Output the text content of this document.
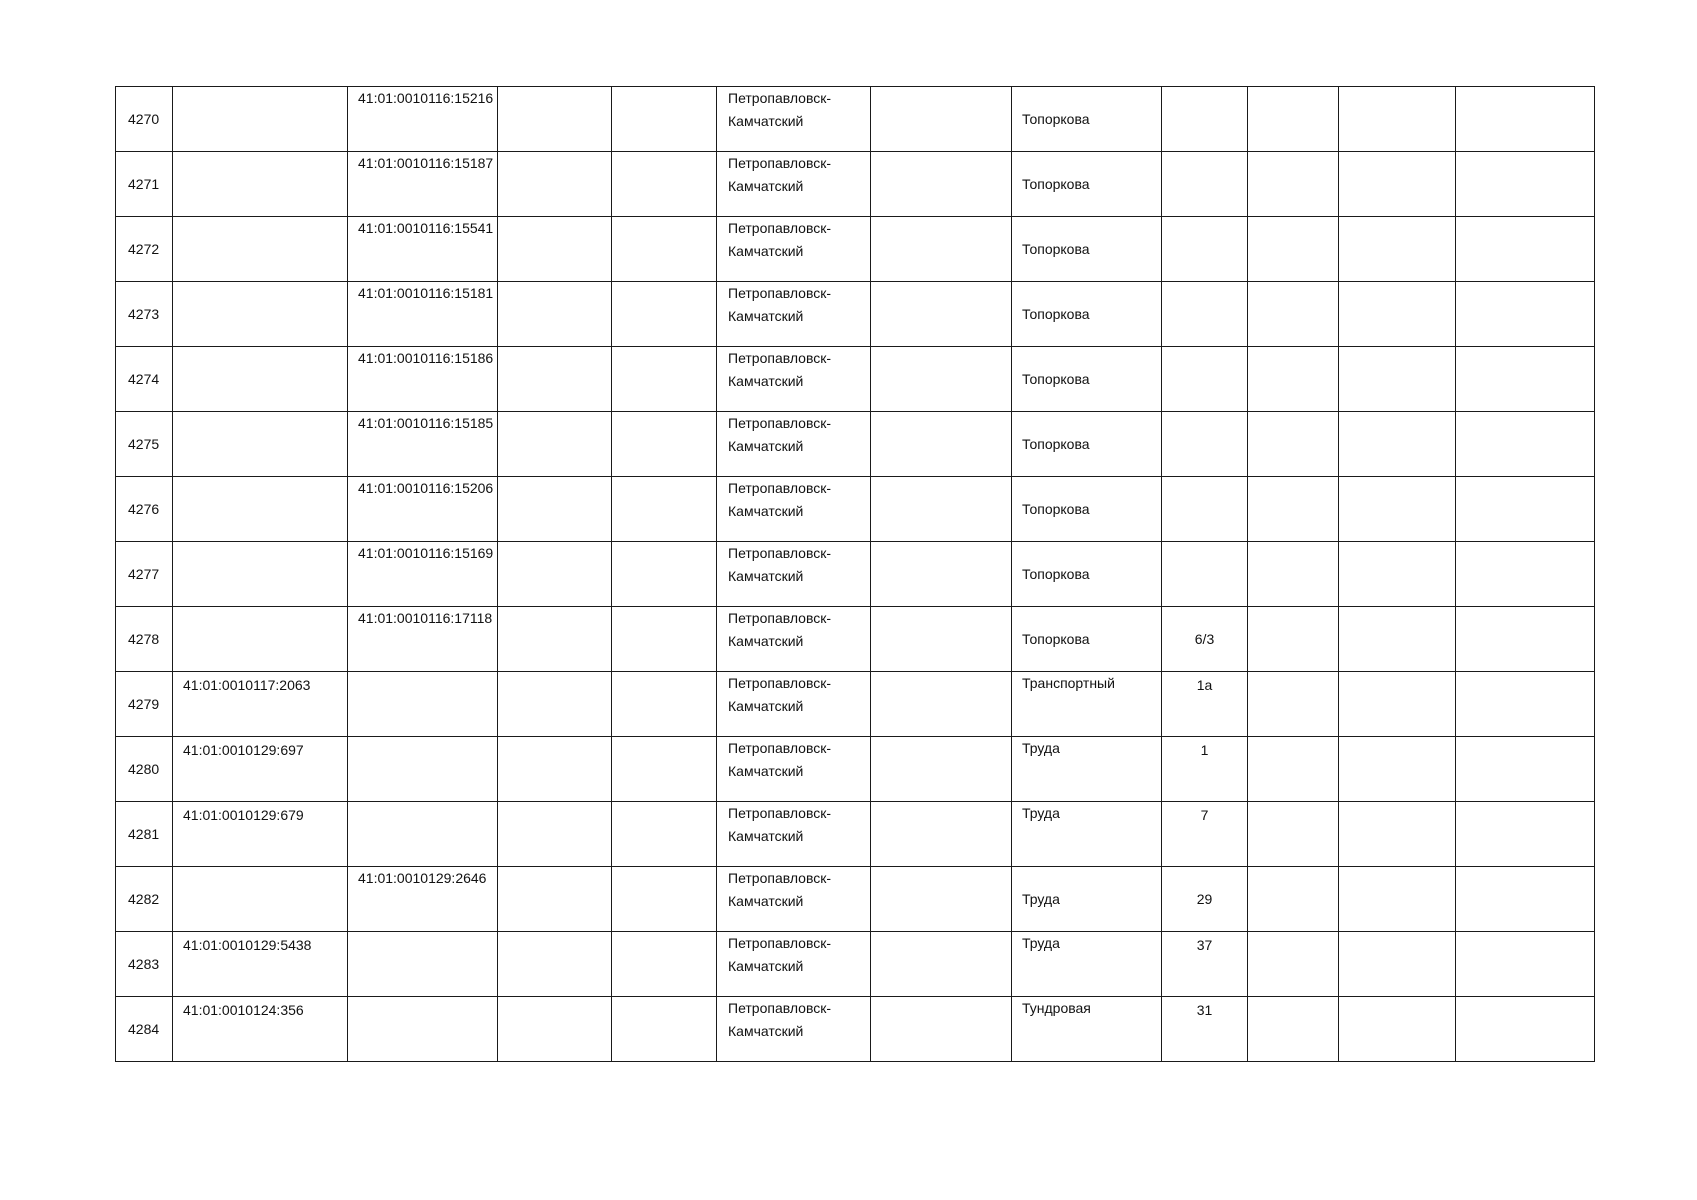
4270		41:01:0010116:15216			Петропавловск-Камчатский		Топоркова				
4271		41:01:0010116:15187			Петропавловск-Камчатский		Топоркова				
4272		41:01:0010116:15541			Петропавловск-Камчатский		Топоркова				
4273		41:01:0010116:15181			Петропавловск-Камчатский		Топоркова				
4274		41:01:0010116:15186			Петропавловск-Камчатский		Топоркова				
4275		41:01:0010116:15185			Петропавловск-Камчатский		Топоркова				
4276		41:01:0010116:15206			Петропавловск-Камчатский		Топоркова				
4277		41:01:0010116:15169			Петропавловск-Камчатский		Топоркова				
4278		41:01:0010116:17118			Петропавловск-Камчатский		Топоркова	6/3			
4279	41:01:0010117:2063				Петропавловск-Камчатский		Транспортный	1а			
4280	41:01:0010129:697				Петропавловск-Камчатский		Труда	1			
4281	41:01:0010129:679				Петропавловск-Камчатский		Труда	7			
4282		41:01:0010129:2646			Петропавловск-Камчатский		Труда	29			
4283	41:01:0010129:5438				Петропавловск-Камчатский		Труда	37			
4284	41:01:0010124:356				Петропавловск-Камчатский		Тундровая	31			
